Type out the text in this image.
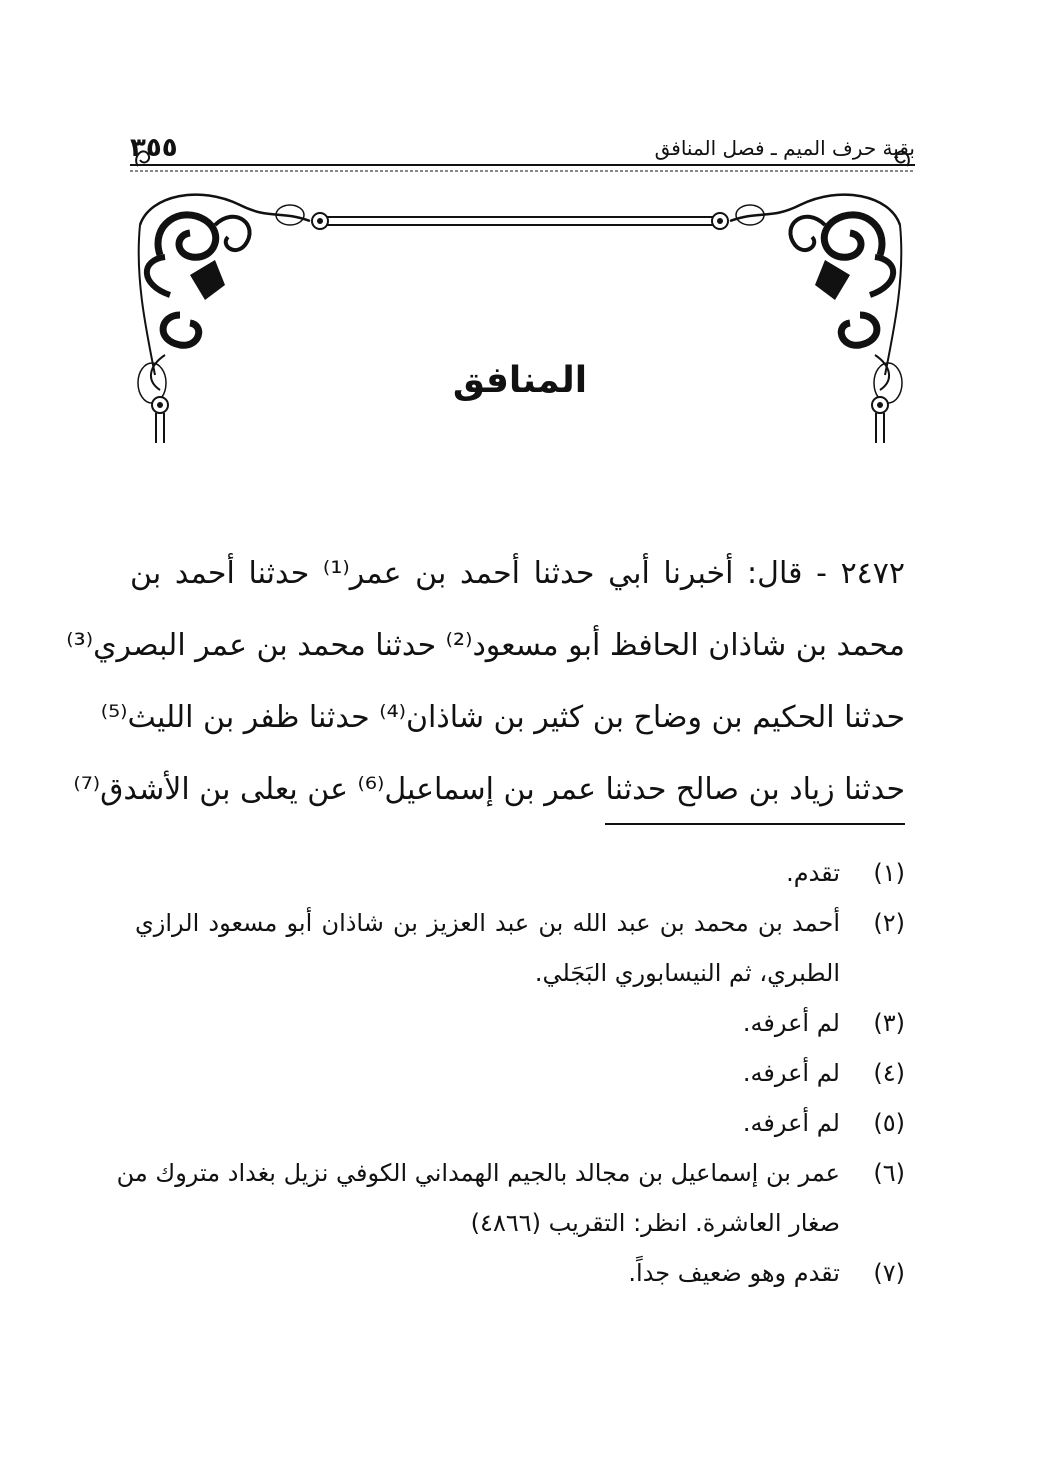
٣٥٥	بقية حرف الميم ـ فصل المنافق
المنافق
٢٤٧٢ - قال: أخبرنا أبي حدثنا أحمد بن عمر⁽¹⁾ حدثنا أحمد بن
محمد بن شاذان الحافظ أبو مسعود⁽²⁾ حدثنا محمد بن عمر البصري⁽³⁾
حدثنا الحكيم بن وضاح بن كثير بن شاذان⁽⁴⁾ حدثنا ظفر بن الليث⁽⁵⁾
حدثنا زياد بن صالح حدثنا عمر بن إسماعيل⁽⁶⁾ عن يعلى بن الأشدق⁽⁷⁾
(١)
تقدم.
(٢)
أحمد بن محمد بن عبد الله بن عبد العزيز بن شاذان أبو مسعود الرازي
الطبري، ثم النيسابوري البَجَلي.
(٣)
لم أعرفه.
(٤)
لم أعرفه.
(٥)
لم أعرفه.
(٦)
عمر بن إسماعيل بن مجالد بالجيم الهمداني الكوفي نزيل بغداد متروك من
صغار العاشرة. انظر: التقريب (٤٨٦٦)
(٧)
تقدم وهو ضعيف جداً.
